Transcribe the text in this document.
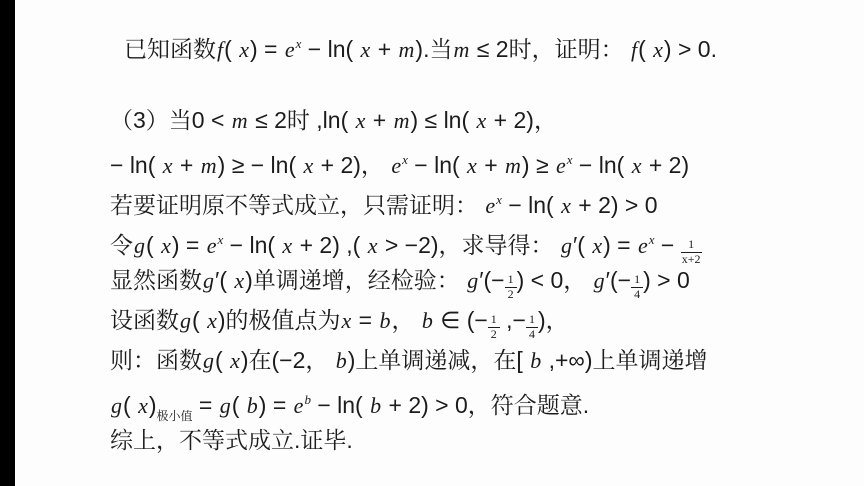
已知函数f( $x) = e^x - \ln$( x + m).当m ≤ 2时，证明： f( x) > 0.
（3）当0 < m ≤ 2时 ,ln( x + m) ≤ ln( x + 2)，
− ln( x + m) ≥ − ln( x + 2)， $e^x - \ln$( $x + m) \ge e^x - \ln$( x + 2)
若要证明原不等式成立，只需证明： $e^x - \ln$( x + 2) > 0
令g( $x) = e^x - \ln$( x + 2) ,( x > −2)，求导得： g′( $x) = e^x - \frac{1}{x+2}$
显然函数g′( x)单调递增，经检验： $g'(- \frac{1}{2}$ ) < 0， $g'(- \frac{1}{4}$ ) > 0
设函数g( x)的极值点为x = b， b ∈ (− $\frac{1}{2}$ ,− $\frac{1}{4}$ )，
则：函数g( x)在(−2， b)上单调递减，在[ b ,+∞)上单调递增
g( $x)_{极小值} = g$( $b) = e^b - \ln$( b + 2) > 0，符合题意.
综上，不等式成立.证毕.
